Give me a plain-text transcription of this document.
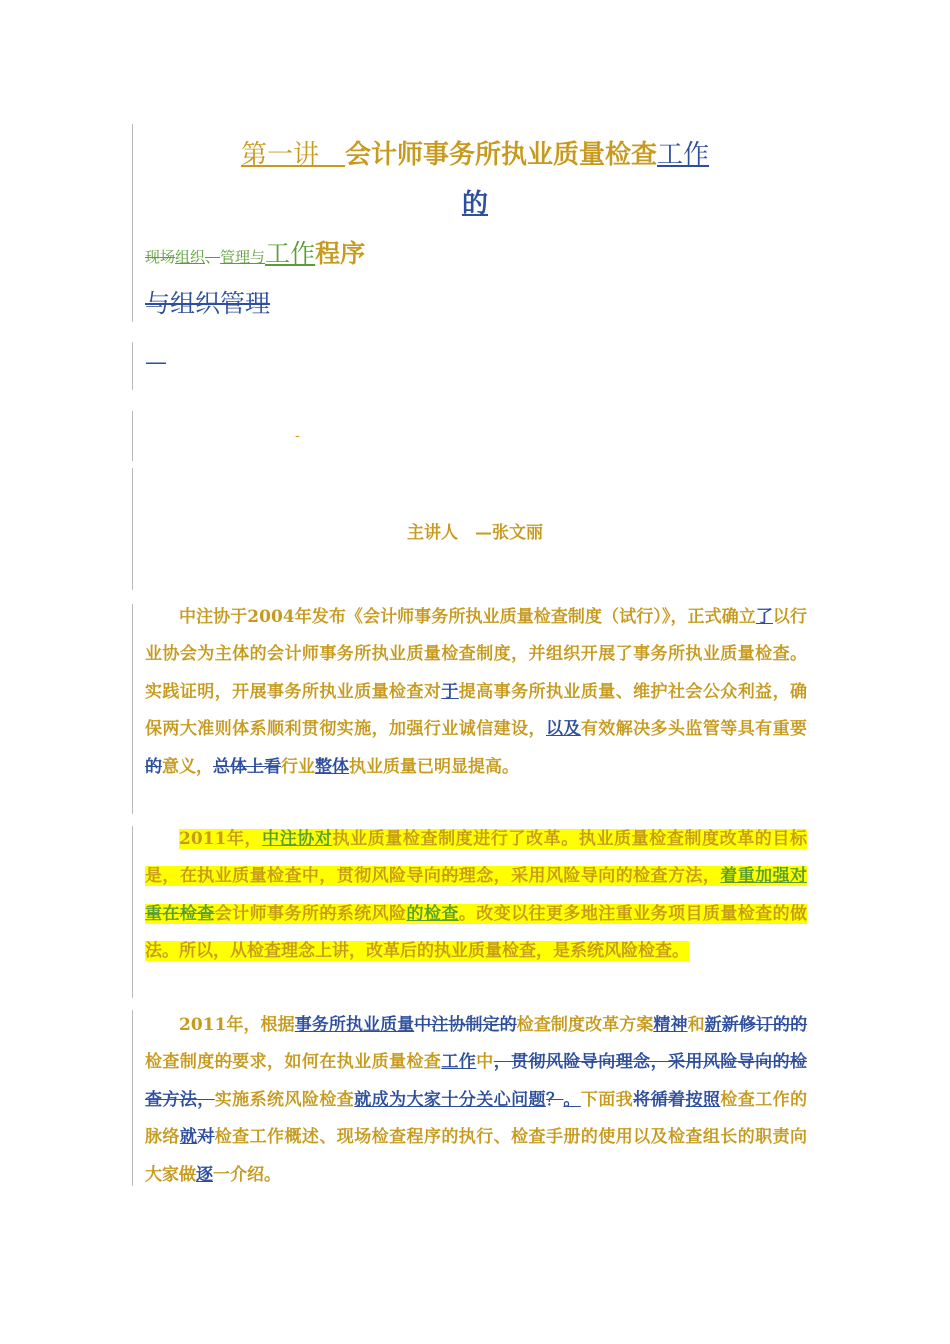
第一讲　 会计师事务所执业质量检查工作
的
现场组织、管理与工作程序
与组织管理
—
-
主讲人　—张文丽
中注协于2004年发布《会计师事务所执业质量检查制度（试行）》，正式确立了以行业协会为主体的会计师事务所执业质量检查制度，并组织开展了事务所执业质量检查。实践证明，开展事务所执业质量检查对于提高事务所执业质量、维护社会公众利益，确保两大准则体系顺利贯彻实施，加强行业诚信建设，以及有效解决多头监管等具有重要的意义，总体上看行业整体执业质量已明显提高。
2011年，中注协对执业质量检查制度进行了改革。执业质量检查制度改革的目标是，在执业质量检查中，贯彻风险导向的理念，采用风险导向的检查方法，着重加强对重在检查会计师事务所的系统风险的检查。改变以往更多地注重业务项目质量检查的做法。所以，从检查理念上讲，改革后的执业质量检查，是系统风险检查。
2011年，根据事务所执业质量中注协制定的检查制度改革方案精神和新新修订的的检查制度的要求，如何在执业质量检查工作中，贯彻风险导向理念，采用风险导向的检查方法，实施系统风险检查就成为大家十分关心问题？。下面我将循着按照检查工作的脉络就对检查工作概述、现场检查程序的执行、检查手册的使用以及检查组长的职责向大家做逐一介绍。
